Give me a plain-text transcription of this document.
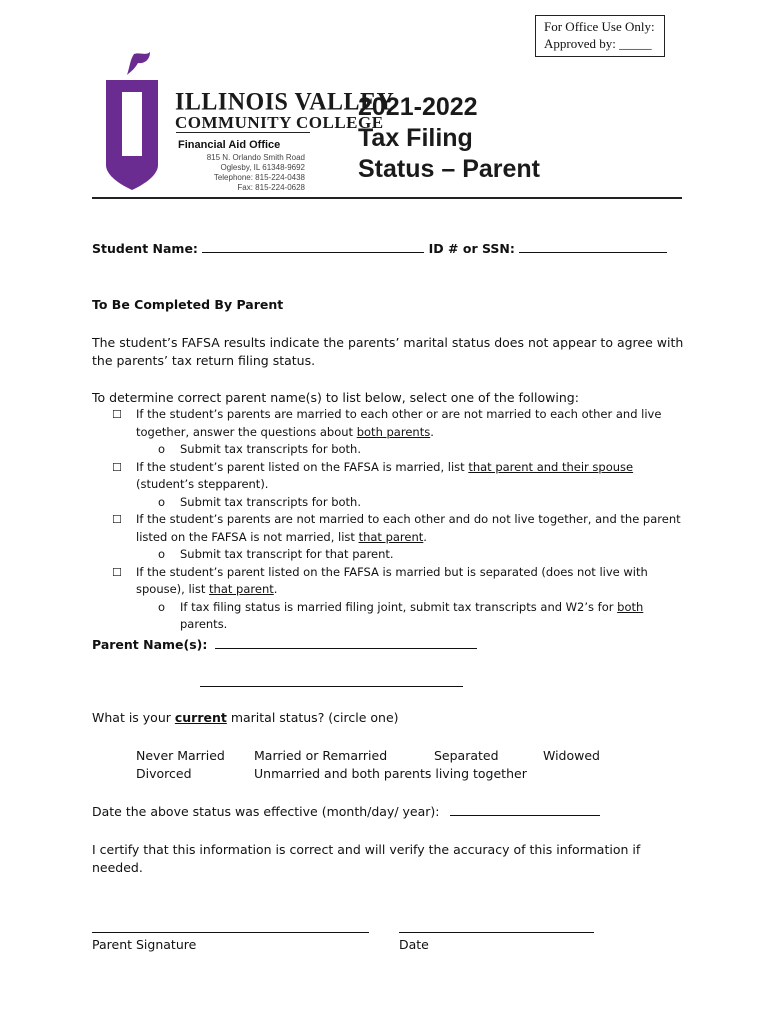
For Office Use Only:
Approved by: _____
ILLINOIS VALLEY
COMMUNITY COLLEGE
Financial Aid Office
815 N. Orlando Smith Road
Oglesby, IL 61348-9692
Telephone: 815-224-0438
Fax: 815-224-0628
2021-2022
Tax Filing
Status – Parent
Student Name:	ID # or SSN:
To Be Completed By Parent
The student’s FAFSA results indicate the parents’ marital status does not appear to agree with
the parents’ tax return filing status.
To determine correct parent name(s) to list below, select one of the following:
☐ If the student’s parents are married to each other or are not married to each other and live together, answer the questions about both parents.
o Submit tax transcripts for both.
☐ If the student’s parent listed on the FAFSA is married, list that parent and their spouse (student’s stepparent).
o Submit tax transcripts for both.
☐ If the student’s parents are not married to each other and do not live together, and the parent listed on the FAFSA is not married, list that parent.
o Submit tax transcript for that parent.
☐ If the student’s parent listed on the FAFSA is married but is separated (does not live with spouse), list that parent.
o If tax filing status is married filing joint, submit tax transcripts and W2’s for both parents.
Parent Name(s):
What is your current marital status? (circle one)
Never Married Married or Remarried	Separated	Widowed
Divorced	Unmarried and both parents living together
Date the above status was effective (month/day/ year):
I certify that this information is correct and will verify the accuracy of this information if
needed.
Parent Signature	Date
